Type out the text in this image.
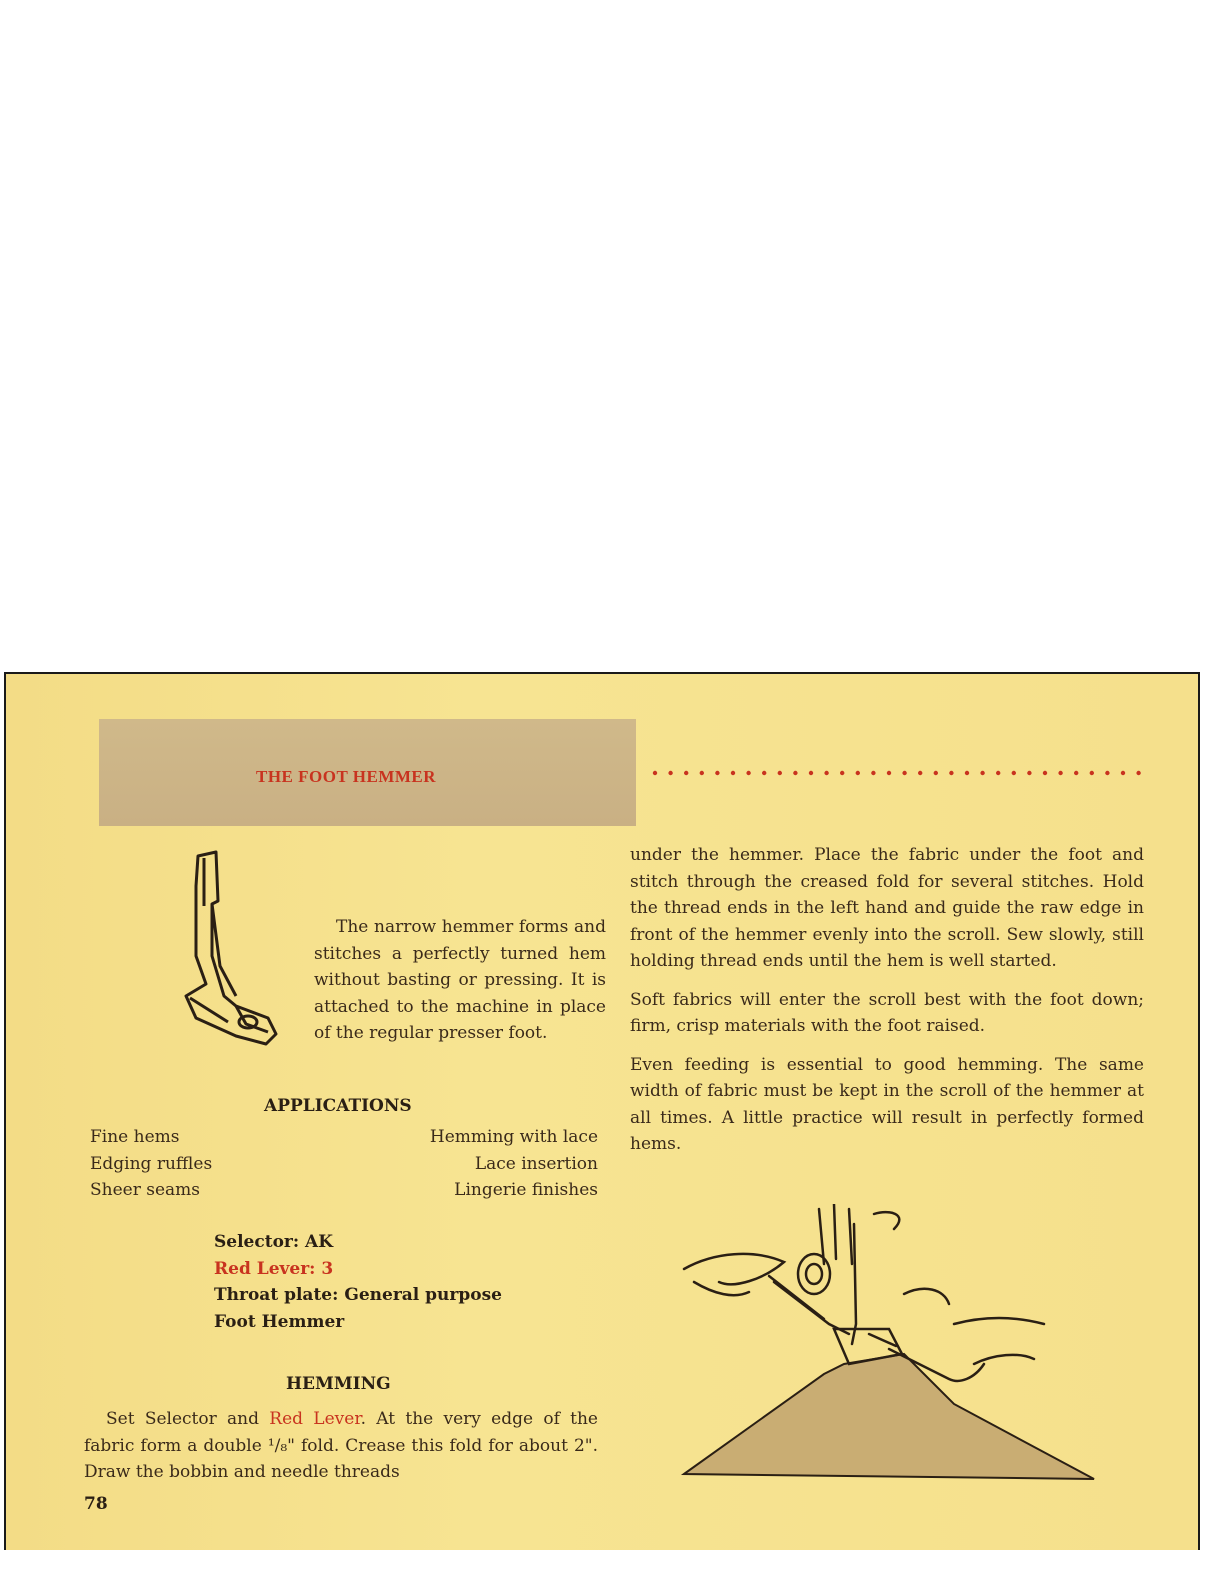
THE FOOT HEMMER

The narrow hemmer forms and stitches a perfectly turned hem without basting or pressing. It is attached to the machine in place of the regular presser foot.

APPLICATIONS
Fine hems
Edging ruffles
Sheer seams
Hemming with lace
Lace insertion
Lingerie finishes
Selector: AK
Red Lever: 3
Throat plate: General purpose
Foot Hemmer
HEMMING

Set Selector and Red Lever. At the very edge of the fabric form a double ¹/₈" fold. Crease this fold for about 2". Draw the bobbin and needle threads

78

under the hemmer. Place the fabric under the foot and stitch through the creased fold for several stitches. Hold the thread ends in the left hand and guide the raw edge in front of the hemmer evenly into the scroll. Sew slowly, still holding thread ends until the hem is well started.

Soft fabrics will enter the scroll best with the foot down; firm, crisp materials with the foot raised.

Even feeding is essential to good hemming. The same width of fabric must be kept in the scroll of the hemmer at all times. A little practice will result in perfectly formed hems.
